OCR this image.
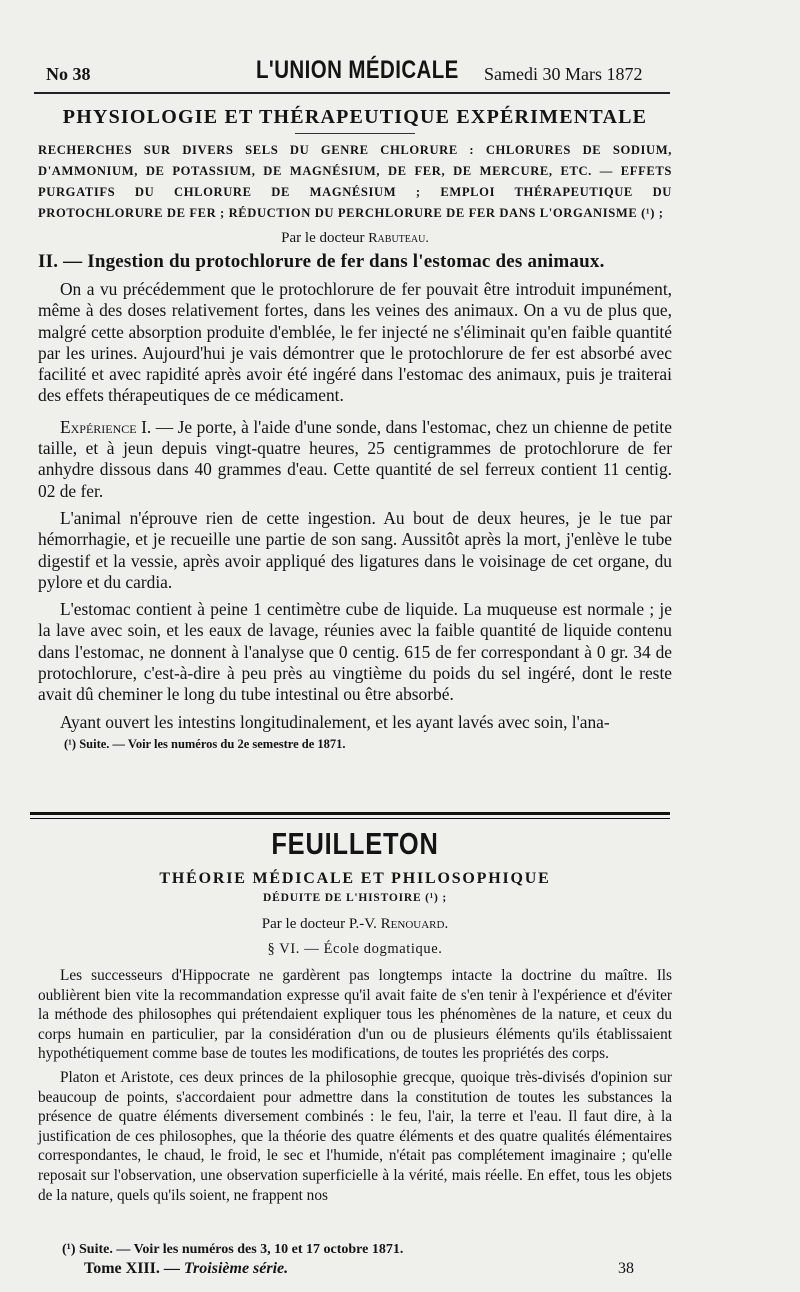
No 38	L'UNION MÉDICALE Samedi 30 Mars 1872
PHYSIOLOGIE ET THÉRAPEUTIQUE EXPÉRIMENTALE

RECHERCHES SUR DIVERS SELS DU GENRE CHLORURE : CHLORURES DE SODIUM, D'AMMONIUM, DE POTASSIUM, DE MAGNÉSIUM, DE FER, DE MERCURE, ETC. — EFFETS PURGATIFS DU CHLORURE DE MAGNÉSIUM ; EMPLOI THÉRAPEUTIQUE DU PROTOCHLORURE DE FER ; RÉDUCTION DU PERCHLORURE DE FER DANS L'ORGANISME (¹) ;

Par le docteur Rabuteau.

II. — Ingestion du protochlorure de fer dans l'estomac des animaux.

On a vu précédemment que le protochlorure de fer pouvait être introduit impunément, même à des doses relativement fortes, dans les veines des animaux. On a vu de plus que, malgré cette absorption produite d'emblée, le fer injecté ne s'éliminait qu'en faible quantité par les urines. Aujourd'hui je vais démontrer que le protochlorure de fer est absorbé avec facilité et avec rapidité après avoir été ingéré dans l'estomac des animaux, puis je traiterai des effets thérapeutiques de ce médicament.

Expérience I. — Je porte, à l'aide d'une sonde, dans l'estomac, chez un chienne de petite taille, et à jeun depuis vingt-quatre heures, 25 centigrammes de protochlorure de fer anhydre dissous dans 40 grammes d'eau. Cette quantité de sel ferreux contient 11 centig. 02 de fer.

L'animal n'éprouve rien de cette ingestion. Au bout de deux heures, je le tue par hémorrhagie, et je recueille une partie de son sang. Aussitôt après la mort, j'enlève le tube digestif et la vessie, après avoir appliqué des ligatures dans le voisinage de cet organe, du pylore et du cardia.

L'estomac contient à peine 1 centimètre cube de liquide. La muqueuse est normale ; je la lave avec soin, et les eaux de lavage, réunies avec la faible quantité de liquide contenu dans l'estomac, ne donnent à l'analyse que 0 centig. 615 de fer correspondant à 0 gr. 34 de protochlorure, c'est-à-dire à peu près au vingtième du poids du sel ingéré, dont le reste avait dû cheminer le long du tube intestinal ou être absorbé.

Ayant ouvert les intestins longitudinalement, et les ayant lavés avec soin, l'ana-

(¹) Suite. — Voir les numéros du 2e semestre de 1871.

FEUILLETON

THÉORIE MÉDICALE ET PHILOSOPHIQUE

DÉDUITE DE L'HISTOIRE (¹) ;

Par le docteur P.-V. Renouard.

§ VI. — École dogmatique.

Les successeurs d'Hippocrate ne gardèrent pas longtemps intacte la doctrine du maître. Ils oublièrent bien vite la recommandation expresse qu'il avait faite de s'en tenir à l'expérience et d'éviter la méthode des philosophes qui prétendaient expliquer tous les phénomènes de la nature, et ceux du corps humain en particulier, par la considération d'un ou de plusieurs éléments qu'ils établissaient hypothétiquement comme base de toutes les modifications, de toutes les propriétés des corps.

Platon et Aristote, ces deux princes de la philosophie grecque, quoique très-divisés d'opinion sur beaucoup de points, s'accordaient pour admettre dans la constitution de toutes les substances la présence de quatre éléments diversement combinés : le feu, l'air, la terre et l'eau. Il faut dire, à la justification de ces philosophes, que la théorie des quatre éléments et des quatre qualités élémentaires correspondantes, le chaud, le froid, le sec et l'humide, n'était pas complétement imaginaire ; qu'elle reposait sur l'observation, une observation superficielle à la vérité, mais réelle. En effet, tous les objets de la nature, quels qu'ils soient, ne frappent nos

(¹) Suite. — Voir les numéros des 3, 10 et 17 octobre 1871.

Tome XIII. — Troisième série.	38
